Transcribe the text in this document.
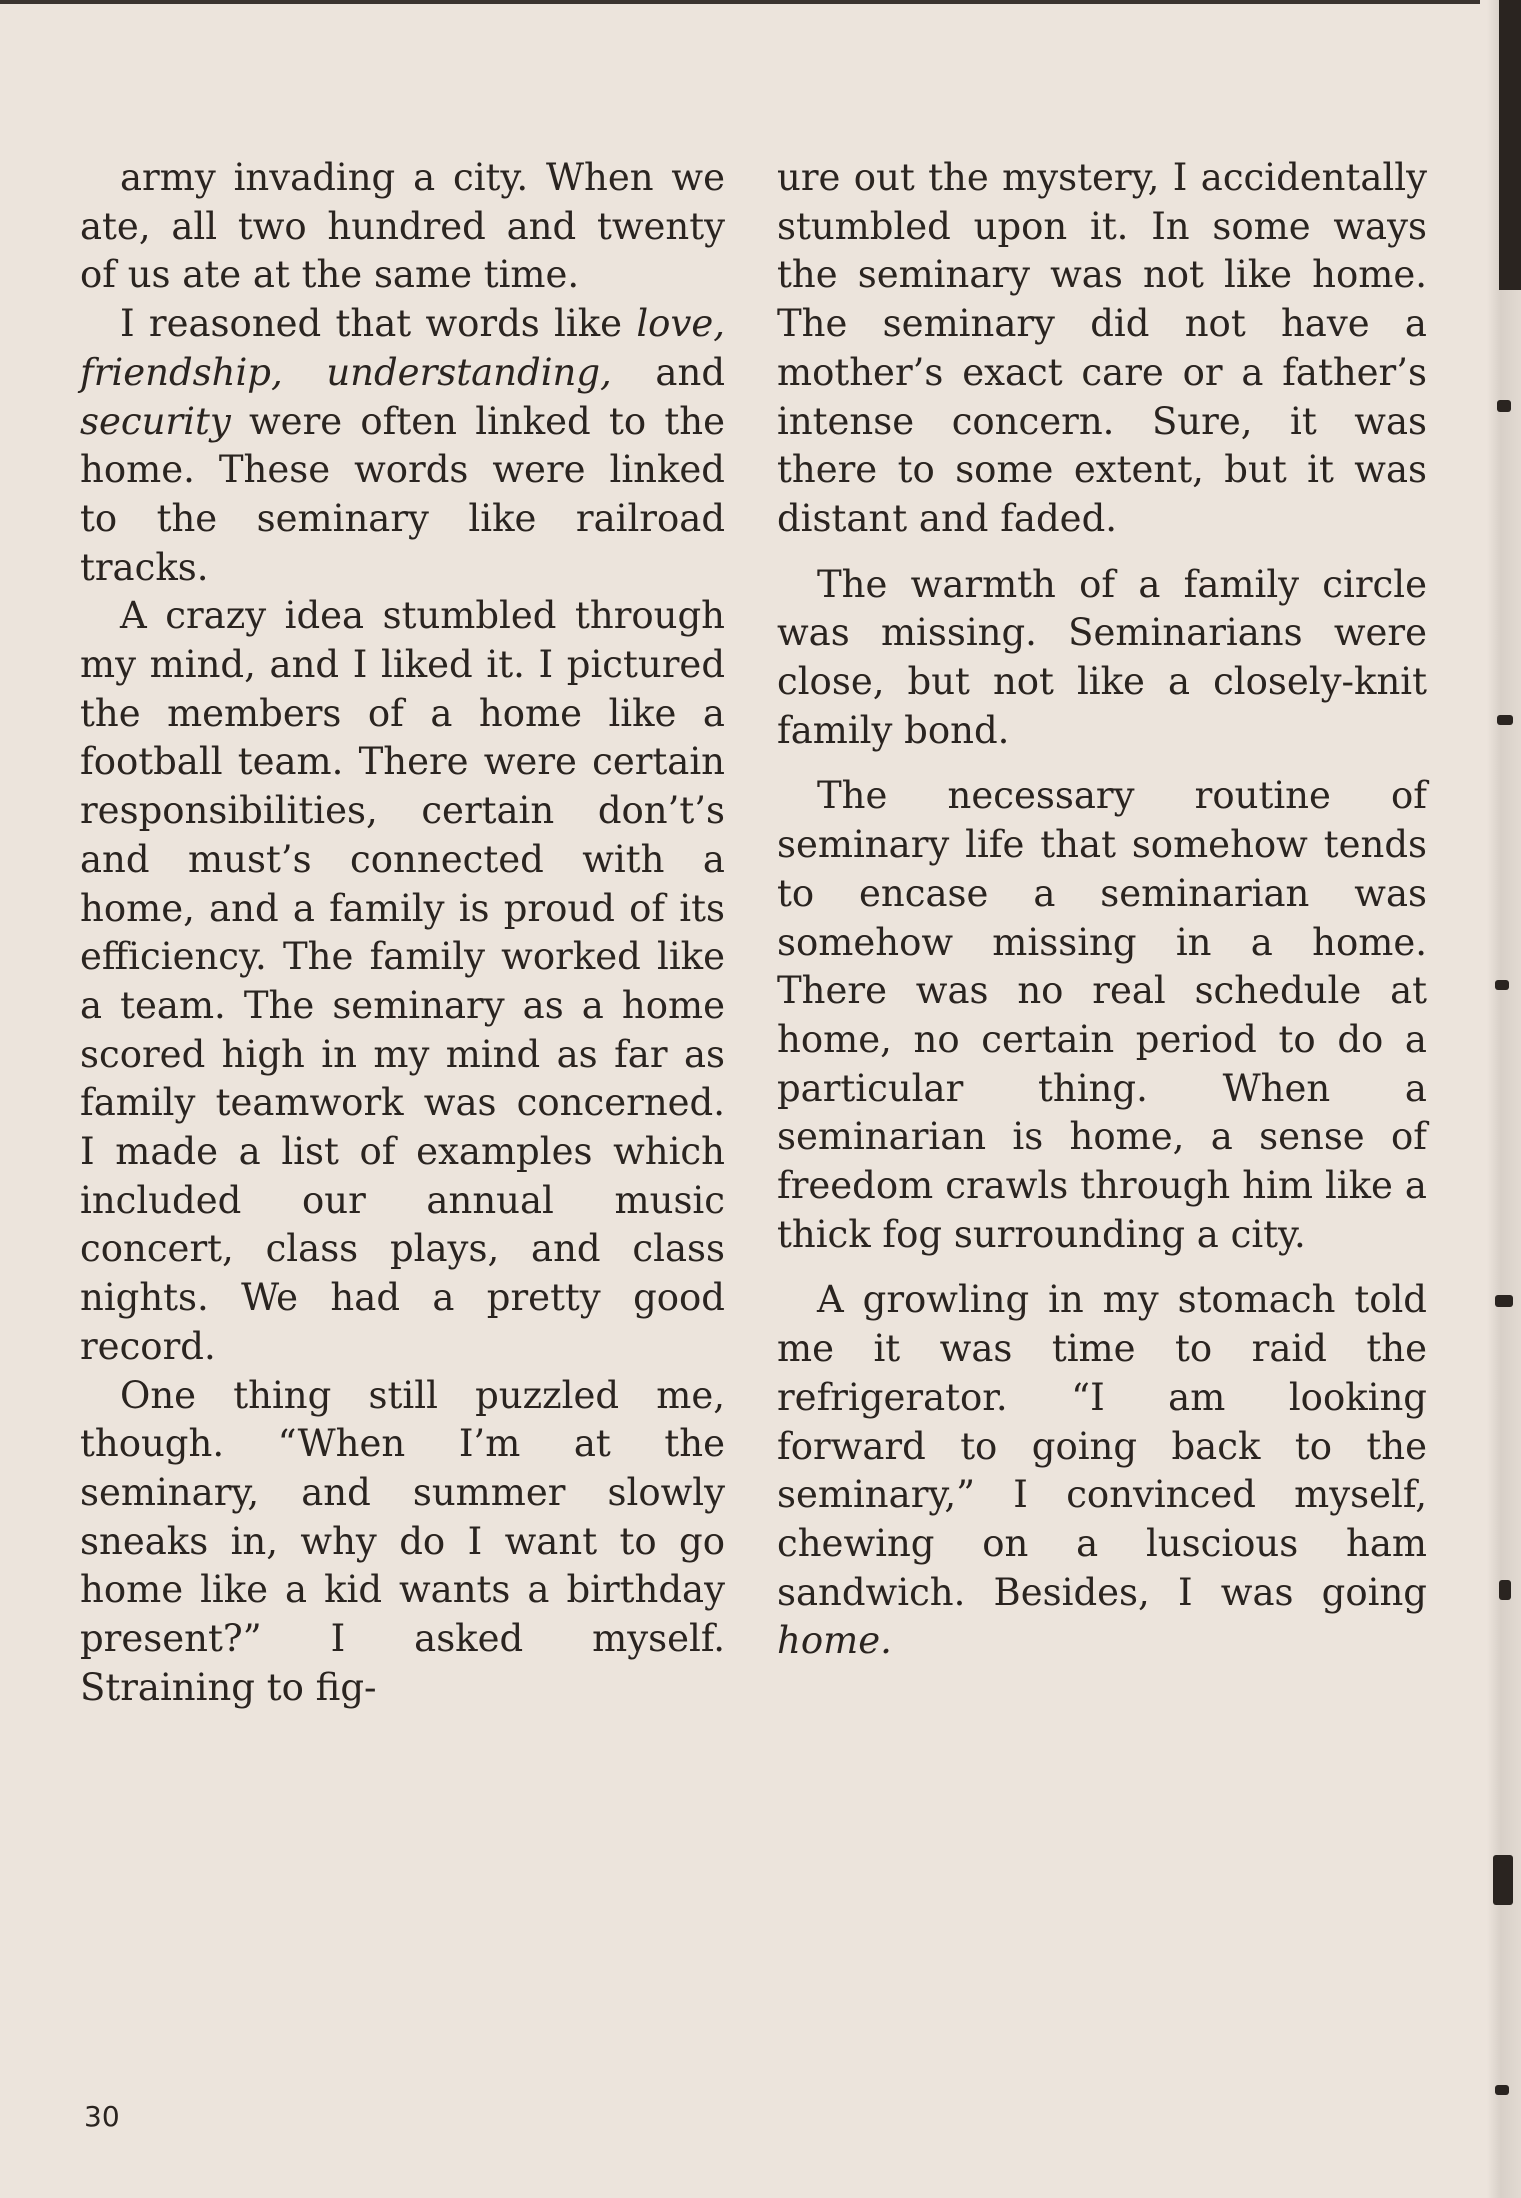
army invading a city. When we ate, all two hundred and twenty of us ate at the same time.

I reasoned that words like love, friendship, understanding, and security were often linked to the home. These words were linked to the seminary like railroad tracks.

A crazy idea stumbled through my mind, and I liked it. I pictured the members of a home like a football team. There were certain responsibilities, certain don’t’s and must’s connected with a home, and a family is proud of its efficiency. The family worked like a team. The seminary as a home scored high in my mind as far as family teamwork was concerned. I made a list of examples which included our annual music concert, class plays, and class nights. We had a pretty good record.

One thing still puzzled me, though. “When I’m at the seminary, and summer slowly sneaks in, why do I want to go home like a kid wants a birthday present?” I asked myself. Straining to fig-

ure out the mystery, I accidentally stumbled upon it. In some ways the seminary was not like home. The seminary did not have a mother’s exact care or a father’s intense concern. Sure, it was there to some extent, but it was distant and faded.

The warmth of a family circle was missing. Seminarians were close, but not like a closely-knit family bond.

The necessary routine of seminary life that somehow tends to encase a seminarian was somehow missing in a home. There was no real schedule at home, no certain period to do a particular thing. When a seminarian is home, a sense of freedom crawls through him like a thick fog surrounding a city.

A growling in my stomach told me it was time to raid the refrigerator. “I am looking forward to going back to the seminary,” I convinced myself, chewing on a luscious ham sandwich. Besides, I was going home.

30
